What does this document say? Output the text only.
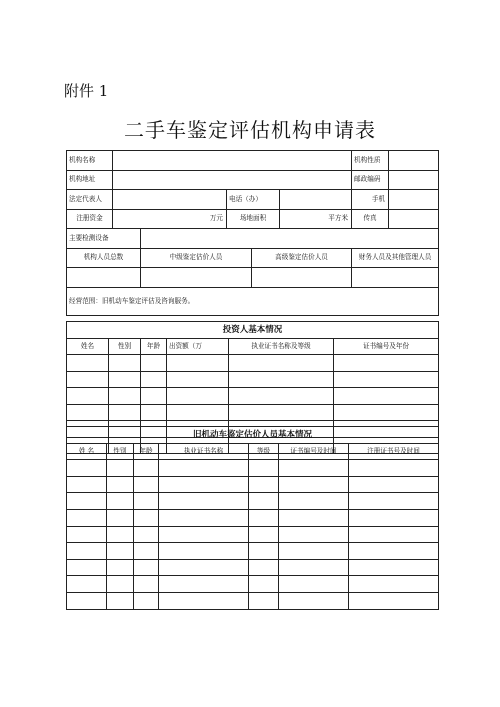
附件 1
二手车鉴定评估机构申请表
机构名称						机构性质	
机构地址						邮政编码	
法定代表人			电话（办）			手机	
注册资金	万元		场地面积		平方米	传真	
主要检测设备							
机构人员总数		中级鉴定估价人员		高级鉴定估价人员		财务人员及其他管理人员	

经营范围：旧机动车鉴定评估及咨询服务。							
投资人基本情况					
姓名	性别	年龄	出资额（万	执业证书名称及等级	证书编号及年份

旧机动车鉴定估价人员基本情况						
姓 名	性别	年龄	执业证书名称	等级	证书编号及时间	注册证书号及时间
